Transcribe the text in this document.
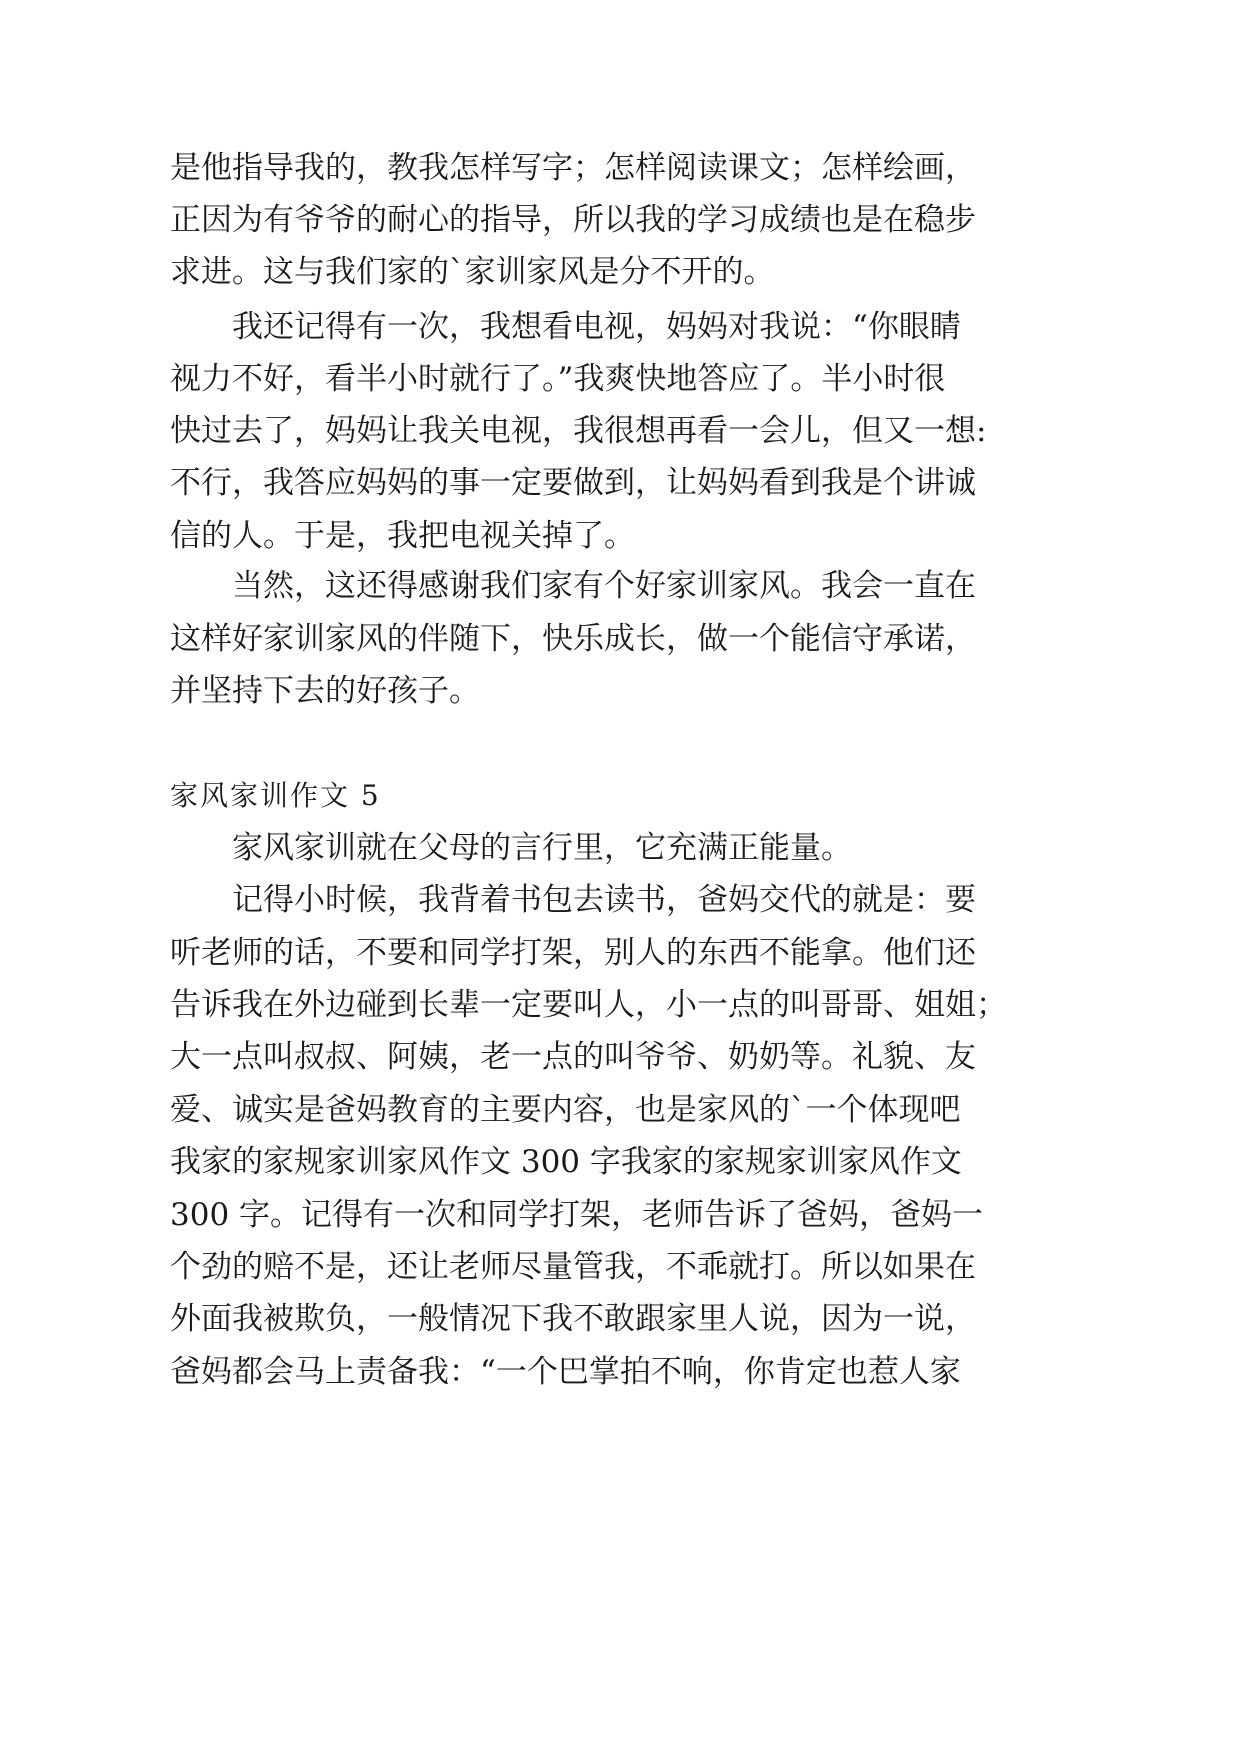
是他指导我的，教我怎样写字；怎样阅读课文；怎样绘画，

正因为有爷爷的耐心的指导，所以我的学习成绩也是在稳步

求进。这与我们家的`家训家风是分不开的。

我还记得有一次，我想看电视，妈妈对我说：“你眼睛

视力不好，看半小时就行了。”我爽快地答应了。半小时很

快过去了，妈妈让我关电视，我很想再看一会儿，但又一想:

不行，我答应妈妈的事一定要做到，让妈妈看到我是个讲诚

信的人。于是，我把电视关掉了。

当然，这还得感谢我们家有个好家训家风。我会一直在

这样好家训家风的伴随下，快乐成长，做一个能信守承诺，

并坚持下去的好孩子。

家风家训作文 5

家风家训就在父母的言行里，它充满正能量。

记得小时候，我背着书包去读书，爸妈交代的就是：要

听老师的话，不要和同学打架，别人的东西不能拿。他们还

告诉我在外边碰到长辈一定要叫人，小一点的叫哥哥、姐姐；

大一点叫叔叔、阿姨，老一点的叫爷爷、奶奶等。礼貌、友

爱、诚实是爸妈教育的主要内容，也是家风的`一个体现吧

我家的家规家训家风作文 300 字我家的家规家训家风作文

300 字。记得有一次和同学打架，老师告诉了爸妈，爸妈一

个劲的赔不是，还让老师尽量管我，不乖就打。所以如果在

外面我被欺负，一般情况下我不敢跟家里人说，因为一说，

爸妈都会马上责备我：“一个巴掌拍不响，你肯定也惹人家
